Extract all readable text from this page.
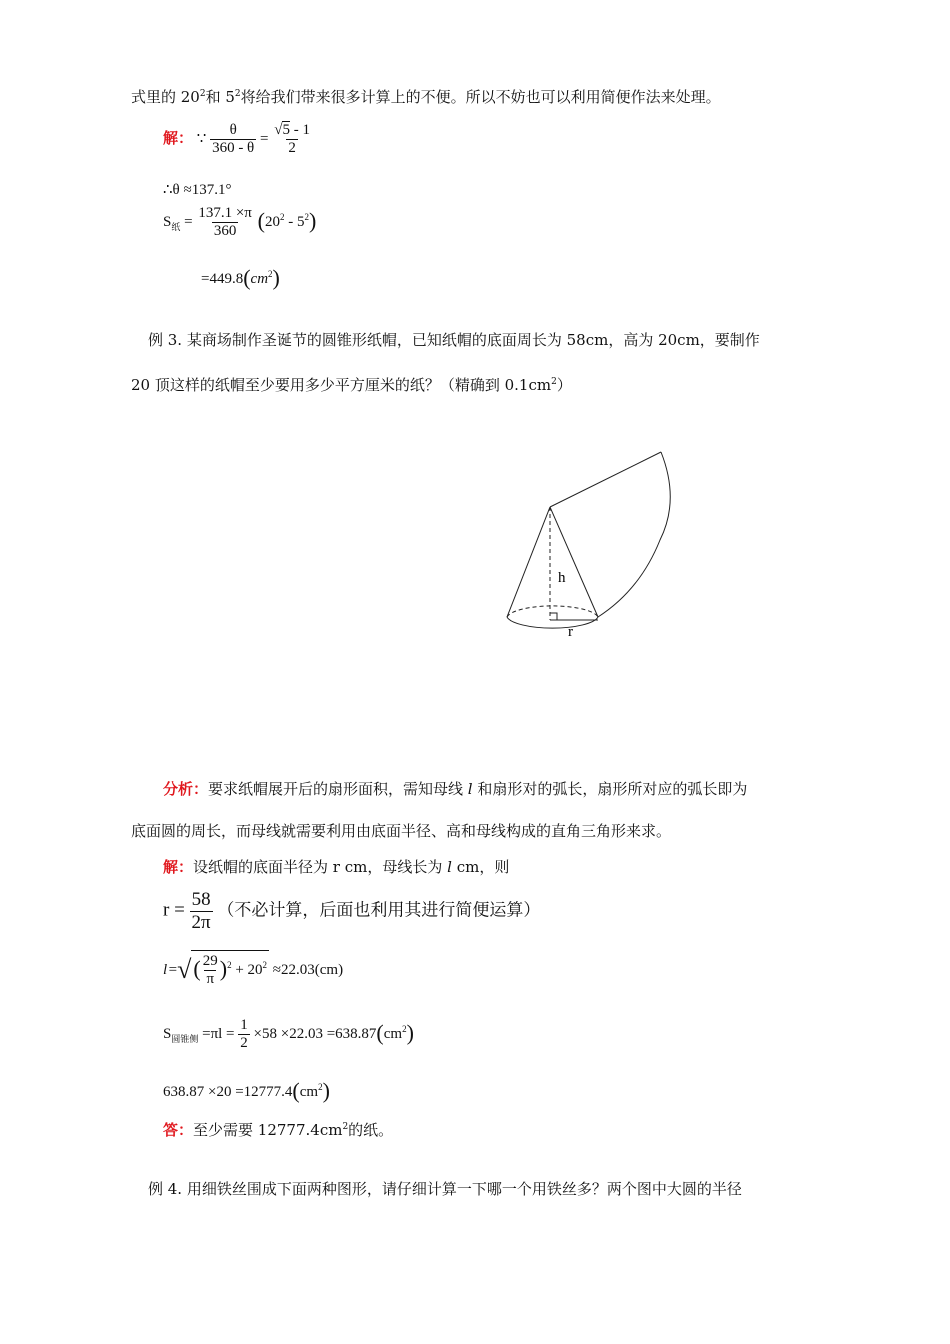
式里的 $20^2$和 $5^2$将给我们带来很多计算上的不便。所以不妨也可以利用简便作法来处理。
解： ∵ $\frac{\theta}{360 - \theta} = \frac{√5 - 1}{2}$
∴θ ≈137.1°
$S_纸 = \frac{137.1 \times\pi}{360} (20^2 - 5^2)$
$=449.8(cm^2)$
例 3. 某商场制作圣诞节的圆锥形纸帽，已知纸帽的底面周长为 58cm，高为 20cm，要制作
20 顶这样的纸帽至少要用多少平方厘米的纸？（精确到 $0.1cm^2$）
h
r
分析：要求纸帽展开后的扇形面积，需知母线 l 和扇形对的弧长，扇形所对应的弧长即为
底面圆的周长，而母线就需要利用由底面半径、高和母线构成的直角三角形来求。
解：设纸帽的底面半径为 r cm，母线长为 l cm，则
$r = \frac{58}{2\pi}$ （不必计算，后面也利用其进行简便运算）
l =√( $\frac{29}{\pi} )^2 + 20^2 \approx 22.03(cm)$
$S_{圆锥侧} =\pi l = \frac{1}{2} \times 58 \times 22.03 =638.87(cm^2)$
$638.87 \times 20 =12777.4(cm^2)$
答：至少需要 $12777.4cm^2$的纸。
例 4. 用细铁丝围成下面两种图形，请仔细计算一下哪一个用铁丝多？两个图中大圆的半径
